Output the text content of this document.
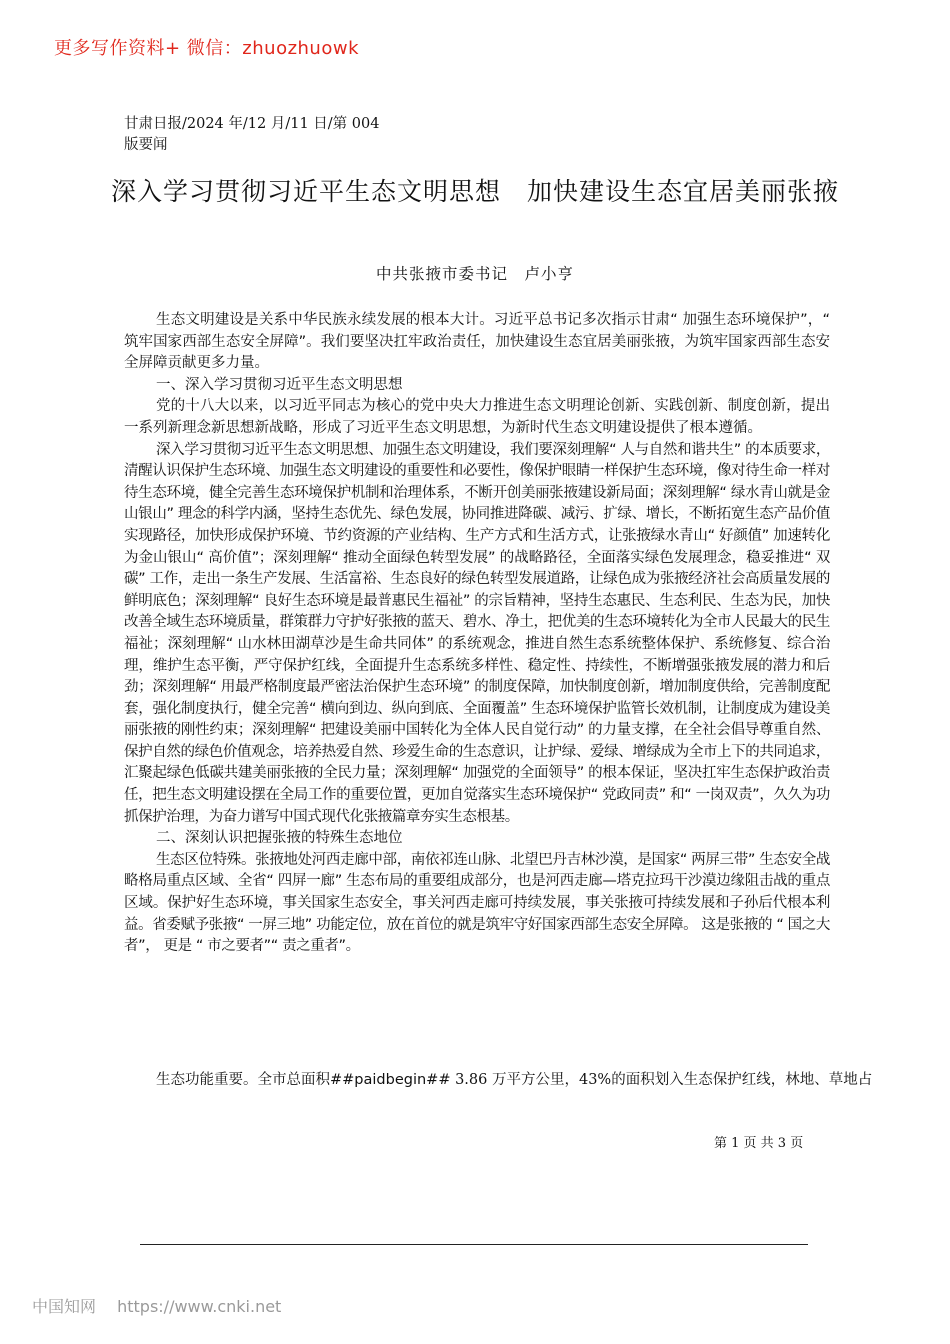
更多写作资料+ 微信：zhuozhuowk
甘肃日报/2024 年/12 月/11 日/第 004
版要闻
深入学习贯彻习近平生态文明思想　加快建设生态宜居美丽张掖
中共张掖市委书记　卢小亨

生态文明建设是关系中华民族永续发展的根本大计。习近平总书记多次指示甘肃“ 加强生态环境保护”，“ 筑牢国家西部生态安全屏障”。我们要坚决扛牢政治责任，加快建设生态宜居美丽张掖，为筑牢国家西部生态安全屏障贡献更多力量。

一、深入学习贯彻习近平生态文明思想

党的十八大以来，以习近平同志为核心的党中央大力推进生态文明理论创新、实践创新、制度创新，提出一系列新理念新思想新战略，形成了习近平生态文明思想，为新时代生态文明建设提供了根本遵循。

深入学习贯彻习近平生态文明思想、加强生态文明建设，我们要深刻理解“ 人与自然和谐共生” 的本质要求，清醒认识保护生态环境、加强生态文明建设的重要性和必要性，像保护眼睛一样保护生态环境，像对待生命一样对待生态环境，健全完善生态环境保护机制和治理体系，不断开创美丽张掖建设新局面；深刻理解“ 绿水青山就是金山银山” 理念的科学内涵，坚持生态优先、绿色发展，协同推进降碳、减污、扩绿、增长，不断拓宽生态产品价值实现路径，加快形成保护环境、节约资源的产业结构、生产方式和生活方式，让张掖绿水青山“ 好颜值” 加速转化为金山银山“ 高价值”；深刻理解“ 推动全面绿色转型发展” 的战略路径，全面落实绿色发展理念，稳妥推进“ 双碳” 工作，走出一条生产发展、生活富裕、生态良好的绿色转型发展道路，让绿色成为张掖经济社会高质量发展的鲜明底色；深刻理解“ 良好生态环境是最普惠民生福祉” 的宗旨精神，坚持生态惠民、生态利民、生态为民，加快改善全域生态环境质量，群策群力守护好张掖的蓝天、碧水、净土，把优美的生态环境转化为全市人民最大的民生福祉；深刻理解“ 山水林田湖草沙是生命共同体” 的系统观念，推进自然生态系统整体保护、系统修复、综合治理，维护生态平衡，严守保护红线，全面提升生态系统多样性、稳定性、持续性，不断增强张掖发展的潜力和后劲；深刻理解“ 用最严格制度最严密法治保护生态环境” 的制度保障，加快制度创新，增加制度供给，完善制度配套，强化制度执行，健全完善“ 横向到边、纵向到底、全面覆盖” 生态环境保护监管长效机制，让制度成为建设美丽张掖的刚性约束；深刻理解“ 把建设美丽中国转化为全体人民自觉行动” 的力量支撑，在全社会倡导尊重自然、保护自然的绿色价值观念，培养热爱自然、珍爱生命的生态意识，让护绿、爱绿、增绿成为全市上下的共同追求，汇聚起绿色低碳共建美丽张掖的全民力量；深刻理解“ 加强党的全面领导” 的根本保证，坚决扛牢生态保护政治责任，把生态文明建设摆在全局工作的重要位置，更加自觉落实生态环境保护“ 党政同责” 和“ 一岗双责”，久久为功抓保护治理，为奋力谱写中国式现代化张掖篇章夯实生态根基。

二、深刻认识把握张掖的特殊生态地位

生态区位特殊。张掖地处河西走廊中部，南依祁连山脉、北望巴丹吉林沙漠，是国家“ 两屏三带” 生态安全战略格局重点区域、全省“ 四屏一廊” 生态布局的重要组成部分，也是河西走廊—塔克拉玛干沙漠边缘阻击战的重点区域。保护好生态环境，事关国家生态安全，事关河西走廊可持续发展，事关张掖可持续发展和子孙后代根本利益。省委赋予张掖“ 一屏三地” 功能定位，放在首位的就是筑牢守好国家西部生态安全屏障。 这是张掖的 “ 国之大者”， 更是 “ 市之要者”“ 责之重者”。

生态功能重要。全市总面积##paidbegin## 3.86 万平方公里，43%的面积划入生态保护红线，林地、草地占
第 1 页 共 3 页
中国知网 https://www.cnki.net
